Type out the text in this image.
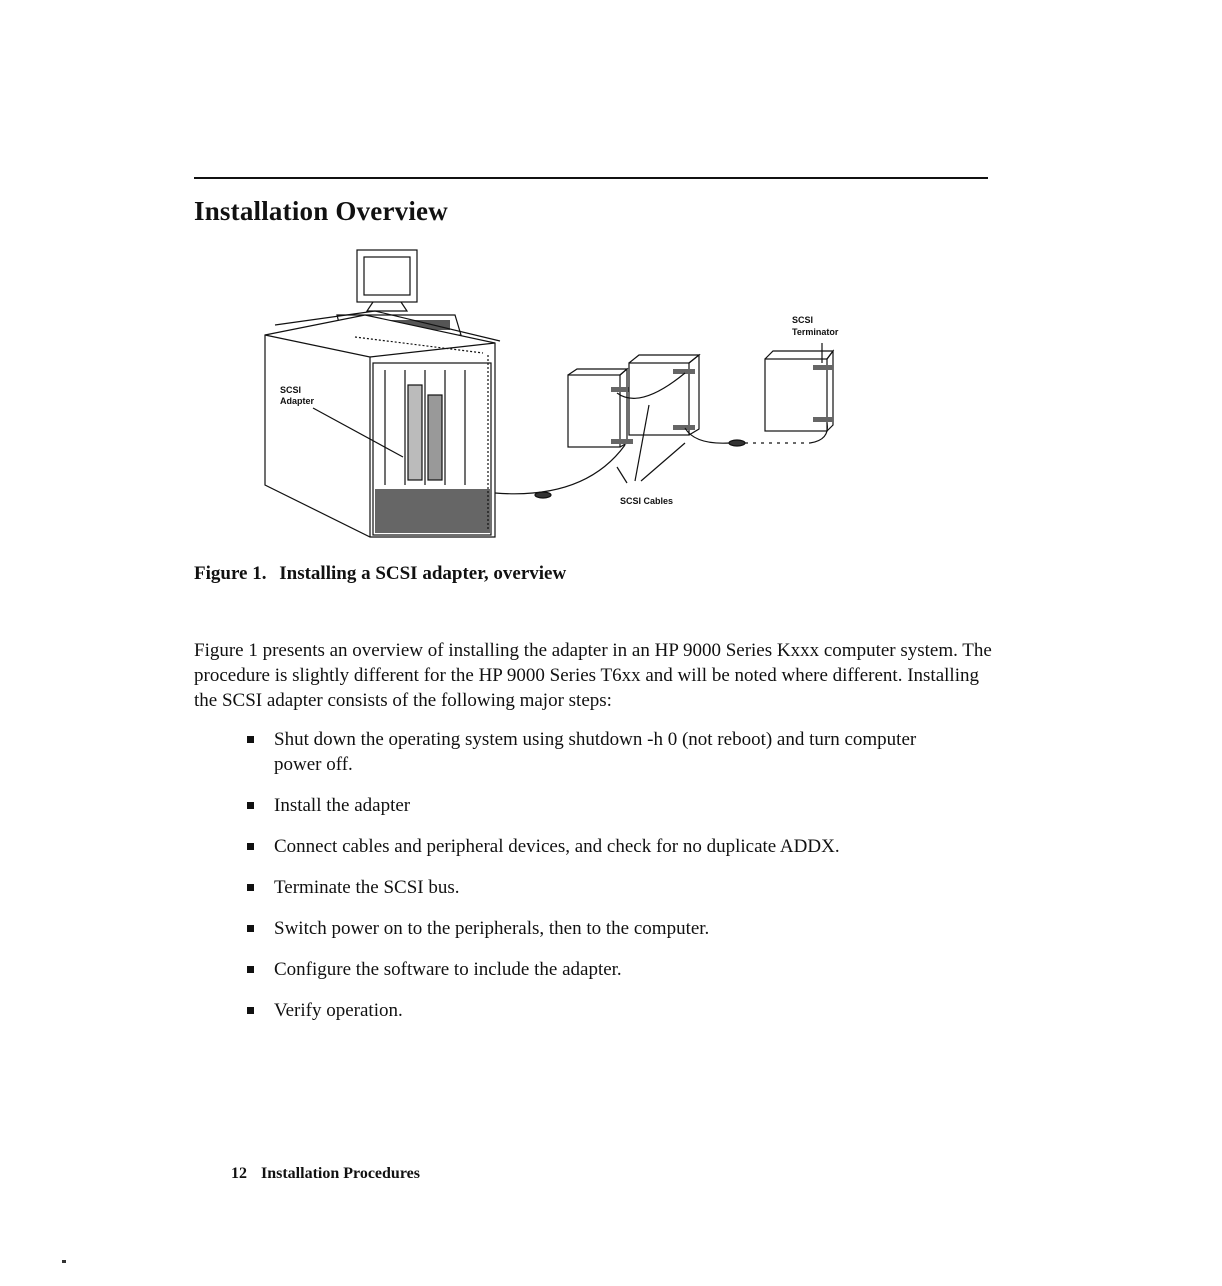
Installation Overview
SCSI
Adapter
SCSI
Terminator
SCSI Cables
Figure 1. Installing a SCSI adapter, overview

Figure 1 presents an overview of installing the adapter in an HP 9000 Series Kxxx computer system. The procedure is slightly different for the HP 9000 Series T6xx and will be noted where different. Installing the SCSI adapter consists of the following major steps:

Shut down the operating system using shutdown -h 0 (not reboot) and turn computer power off.
Install the adapter
Connect cables and peripheral devices, and check for no duplicate ADDX.
Terminate the SCSI bus.
Switch power on to the peripherals, then to the computer.
Configure the software to include the adapter.
Verify operation.
12 Installation Procedures
